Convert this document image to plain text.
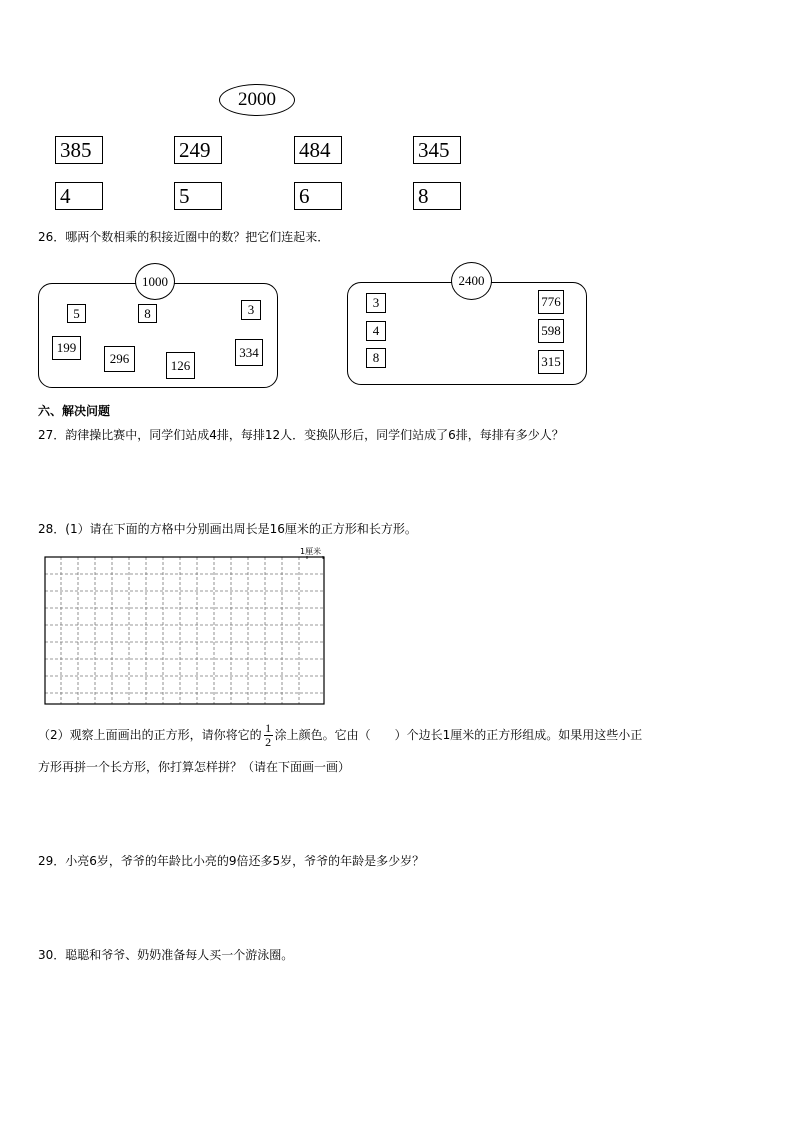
2000
385	249	484	345
4	5	6	8
26．哪两个数相乘的积接近圈中的数？把它们连起来．
1000
5	8	3
199
296	126
334
2400
3
4
8
776
598
315
六、解决问题
27．韵律操比赛中，同学们站成4排，每排12人．变换队形后，同学们站成了6排，每排有多少人？
28．(1）请在下面的方格中分别画出周长是16厘米的正方形和长方形。
1厘米
（2）观察上面画出的正方形，请你将它的 $\frac{1}{2}$ 涂上颜色。它由（　　）个边长1厘米的正方形组成。如果用这些小正
方形再拼一个长方形，你打算怎样拼？（请在下面画一画）
29．小亮6岁，爷爷的年龄比小亮的9倍还多5岁，爷爷的年龄是多少岁？
30．聪聪和爷爷、奶奶准备每人买一个游泳圈。
